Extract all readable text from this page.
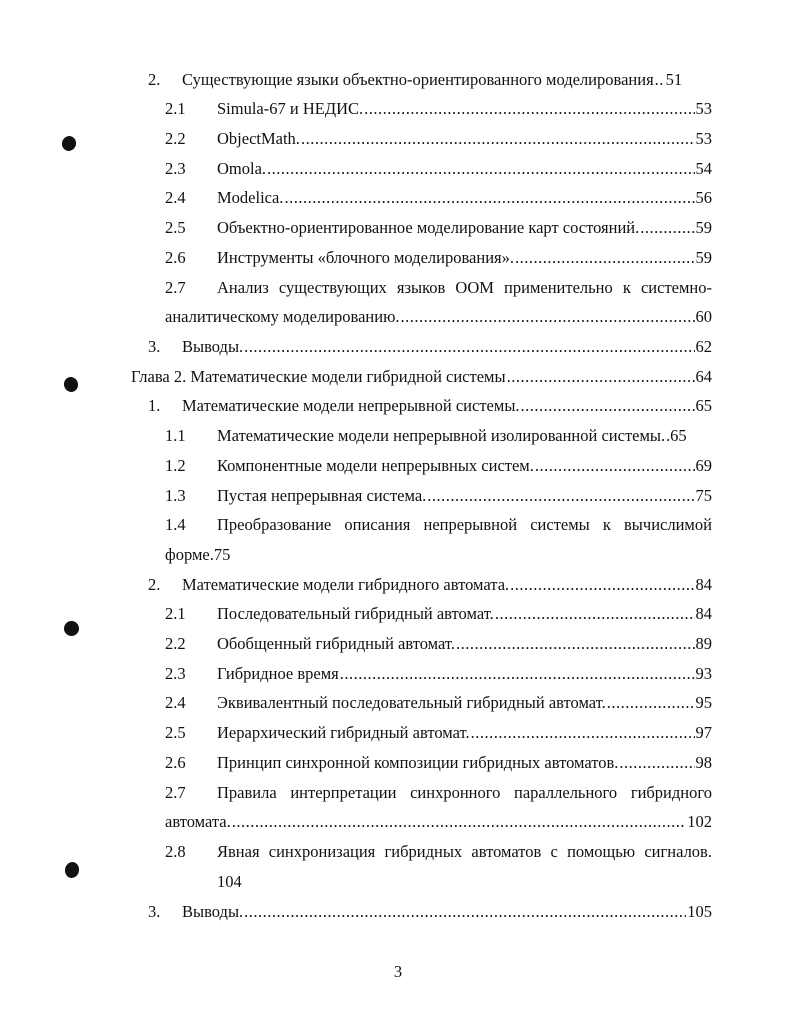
2.	Существующие языки объектно-ориентированного моделирования ..... 51
2.1	Simula-67 и НЕДИС. .....	53
2.2	ObjectMath. .....	53
2.3	Omola. .....	54
2.4	Modelica. .....	56
2.5	Объектно-ориентированное моделирование карт состояний. .....	59
2.6	Инструменты «блочного моделирования». .....	59
2.7	Анализ существующих языков ООМ применительно к системно-
аналитическому моделированию. .....	60
3.	Выводы. .....	62
Глава 2. Математические модели гибридной системы .....	64
1.	Математические модели непрерывной системы. .....	65
1.1	Математические модели непрерывной изолированной системы. ..... 65
1.2	Компонентные модели непрерывных систем. .....	69
1.3	Пустая непрерывная система. .....	75
1.4	Преобразование описания непрерывной системы к вычислимой
форме.75
2.	Математические модели гибридного автомата. .....	84
2.1	Последовательный гибридный автомат. .....	84
2.2	Обобщенный гибридный автомат. .....	89
2.3	Гибридное время .....	93
2.4	Эквивалентный последовательный гибридный автомат. .....	95
2.5	Иерархический гибридный автомат. .....	97
2.6	Принцип синхронной композиции гибридных автоматов. .....	98
2.7	Правила интерпретации синхронного параллельного гибридного
автомата. .....	102
2.8	Явная синхронизация гибридных автоматов с помощью сигналов.
104
3.	Выводы. .....	105
3
